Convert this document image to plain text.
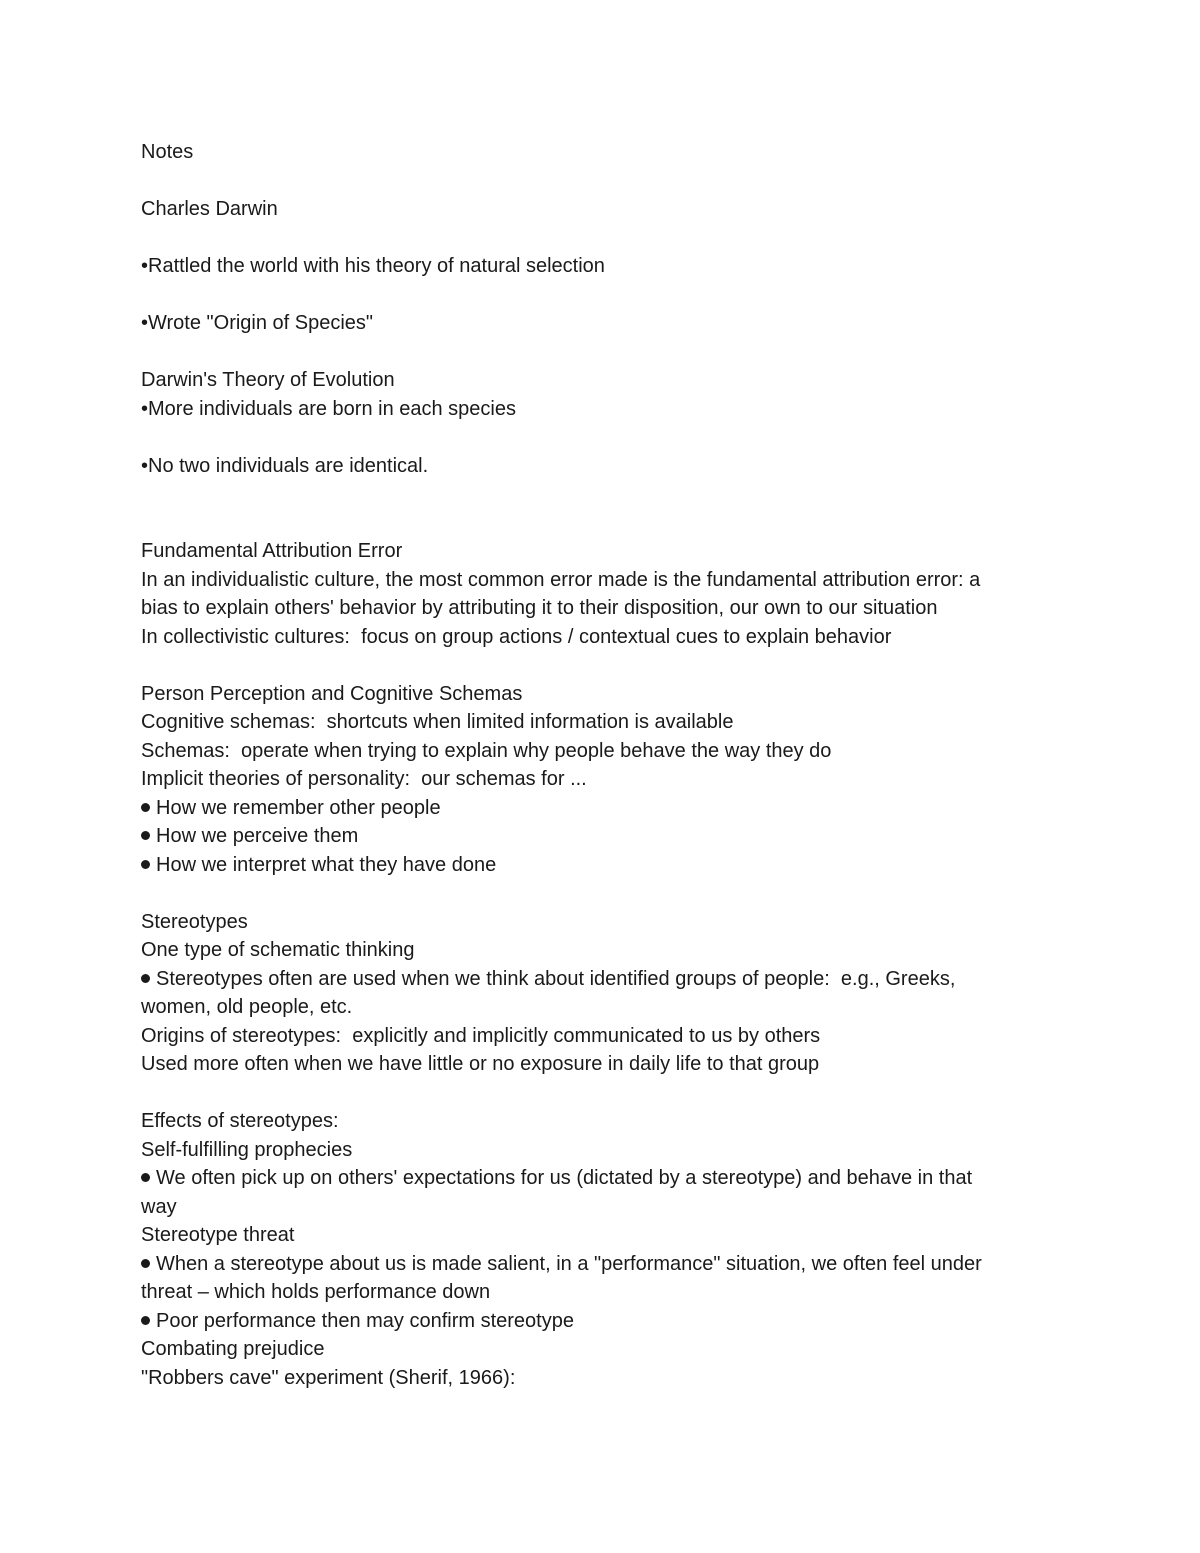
Notes

Charles Darwin

•Rattled the world with his theory of natural selection

•Wrote "Origin of Species"

Darwin's Theory of Evolution

•More individuals are born in each species

•No two individuals are identical.

Fundamental Attribution Error

In an individualistic culture, the most common error made is the fundamental attribution error: a

bias to explain others' behavior by attributing it to their disposition, our own to our situation

In collectivistic cultures:  focus on group actions / contextual cues to explain behavior

Person Perception and Cognitive Schemas

Cognitive schemas:  shortcuts when limited information is available

Schemas:  operate when trying to explain why people behave the way they do

Implicit theories of personality:  our schemas for ...

How we remember other people

How we perceive them

How we interpret what they have done

Stereotypes

One type of schematic thinking

Stereotypes often are used when we think about identified groups of people:  e.g., Greeks,

women, old people, etc.

Origins of stereotypes:  explicitly and implicitly communicated to us by others

Used more often when we have little or no exposure in daily life to that group

Effects of stereotypes:

Self-fulfilling prophecies

We often pick up on others' expectations for us (dictated by a stereotype) and behave in that

way

Stereotype threat

When a stereotype about us is made salient, in a "performance" situation, we often feel under

threat – which holds performance down

Poor performance then may confirm stereotype

Combating prejudice

"Robbers cave" experiment (Sherif, 1966):
